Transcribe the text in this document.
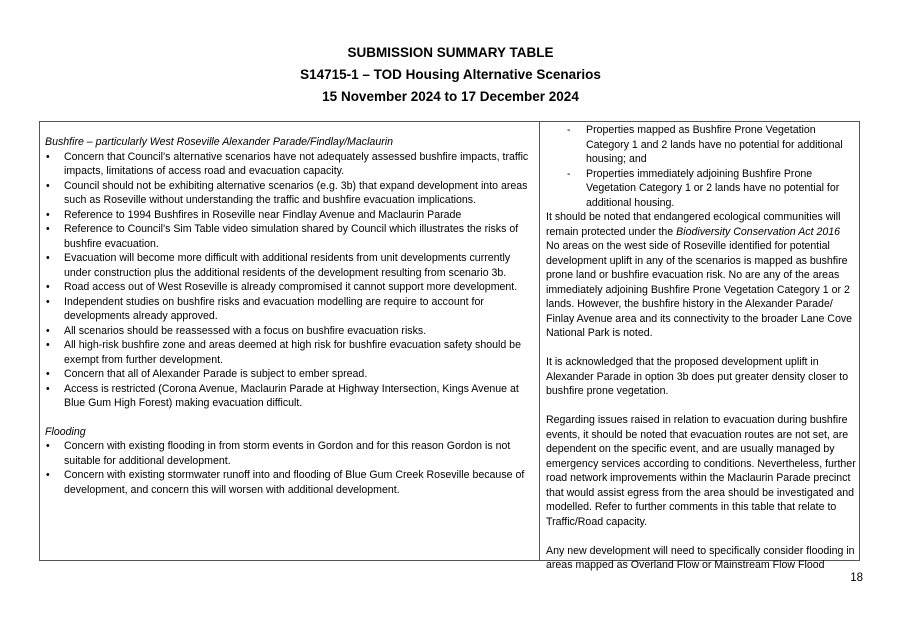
SUBMISSION SUMMARY TABLE
S14715-1 – TOD Housing Alternative Scenarios
15 November 2024 to 17 December 2024
Bushfire – particularly West Roseville Alexander Parade/Findlay/Maclaurin
• Concern that Council’s alternative scenarios have not adequately assessed bushfire impacts, traffic impacts, limitations of access road and evacuation capacity.
• Council should not be exhibiting alternative scenarios (e.g. 3b) that expand development into areas such as Roseville without understanding the traffic and bushfire evacuation implications.
• Reference to 1994 Bushfires in Roseville near Findlay Avenue and Maclaurin Parade
• Reference to Council’s Sim Table video simulation shared by Council which illustrates the risks of bushfire evacuation.
• Evacuation will become more difficult with additional residents from unit developments currently under construction plus the additional residents of the development resulting from scenario 3b.
• Road access out of West Roseville is already compromised it cannot support more development.
• Independent studies on bushfire risks and evacuation modelling are require to account for developments already approved.
• All scenarios should be reassessed with a focus on bushfire evacuation risks.
• All high-risk bushfire zone and areas deemed at high risk for bushfire evacuation safety should be exempt from further development.
• Concern that all of Alexander Parade is subject to ember spread.
• Access is restricted (Corona Avenue, Maclaurin Parade at Highway Intersection, Kings Avenue at Blue Gum High Forest) making evacuation difficult.
Flooding
• Concern with existing flooding in from storm events in Gordon and for this reason Gordon is not suitable for additional development.
• Concern with existing stormwater runoff into and flooding of Blue Gum Creek Roseville because of development, and concern this will worsen with additional development.
- Properties mapped as Bushfire Prone Vegetation Category 1 and 2 lands have no potential for additional housing; and
- Properties immediately adjoining Bushfire Prone Vegetation Category 1 or 2 lands have no potential for additional housing.

It should be noted that endangered ecological communities will remain protected under the Biodiversity Conservation Act 2016 No areas on the west side of Roseville identified for potential development uplift in any of the scenarios is mapped as bushfire prone land or bushfire evacuation risk. No are any of the areas immediately adjoining Bushfire Prone Vegetation Category 1 or 2 lands. However, the bushfire history in the Alexander Parade/ Finlay Avenue area and its connectivity to the broader Lane Cove National Park is noted.

It is acknowledged that the proposed development uplift in Alexander Parade in option 3b does put greater density closer to bushfire prone vegetation.

Regarding issues raised in relation to evacuation during bushfire events, it should be noted that evacuation routes are not set, are dependent on the specific event, and are usually managed by emergency services according to conditions. Nevertheless, further road network improvements within the Maclaurin Parade precinct that would assist egress from the area should be investigated and modelled. Refer to further comments in this table that relate to Traffic/Road capacity.

Any new development will need to specifically consider flooding in areas mapped as Overland Flow or Mainstream Flow Flood

18
